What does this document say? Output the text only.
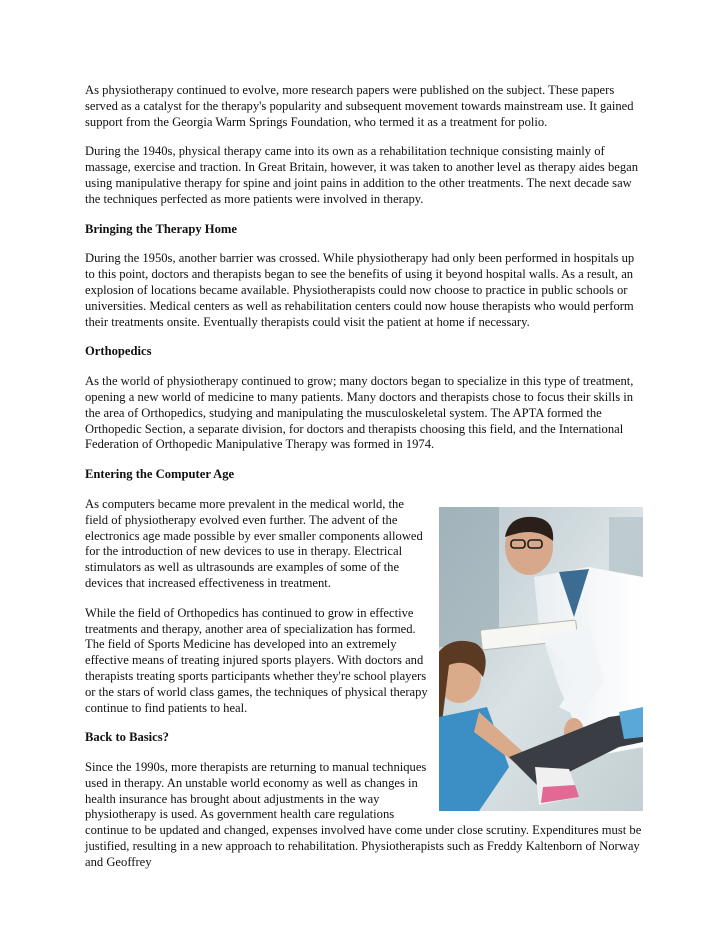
As physiotherapy continued to evolve, more research papers were published on the subject. These papers served as a catalyst for the therapy's popularity and subsequent movement towards mainstream use. It gained support from the Georgia Warm Springs Foundation, who termed it as a treatment for polio.

During the 1940s, physical therapy came into its own as a rehabilitation technique consisting mainly of massage, exercise and traction. In Great Britain, however, it was taken to another level as therapy aides began using manipulative therapy for spine and joint pains in addition to the other treatments. The next decade saw the techniques perfected as more patients were involved in therapy.

Bringing the Therapy Home

During the 1950s, another barrier was crossed. While physiotherapy had only been performed in hospitals up to this point, doctors and therapists began to see the benefits of using it beyond hospital walls. As a result, an explosion of locations became available. Physiotherapists could now choose to practice in public schools or universities. Medical centers as well as rehabilitation centers could now house therapists who would perform their treatments onsite. Eventually therapists could visit the patient at home if necessary.

Orthopedics

As the world of physiotherapy continued to grow; many doctors began to specialize in this type of treatment, opening a new world of medicine to many patients. Many doctors and therapists chose to focus their skills in the area of Orthopedics, studying and manipulating the musculoskeletal system. The APTA formed the Orthopedic Section, a separate division, for doctors and therapists choosing this field, and the International Federation of Orthopedic Manipulative Therapy was formed in 1974.

Entering the Computer Age

As computers became more prevalent in the medical world, the field of physiotherapy evolved even further. The advent of the electronics age made possible by ever smaller components allowed for the introduction of new devices to use in therapy. Electrical stimulators as well as ultrasounds are examples of some of the devices that increased effectiveness in treatment.

While the field of Orthopedics has continued to grow in effective treatments and therapy, another area of specialization has formed. The field of Sports Medicine has developed into an extremely effective means of treating injured sports players. With doctors and therapists treating sports participants whether they're school players or the stars of world class games, the techniques of physical therapy continue to find patients to heal.

Back to Basics?

Since the 1990s, more therapists are returning to manual techniques used in therapy. An unstable world economy as well as changes in health insurance has brought about adjustments in the way physiotherapy is used. As government health care regulations continue to be updated and changed, expenses involved have come under close scrutiny. Expenditures must be justified, resulting in a new approach to rehabilitation. Physiotherapists such as Freddy Kaltenborn of Norway and Geoffrey
